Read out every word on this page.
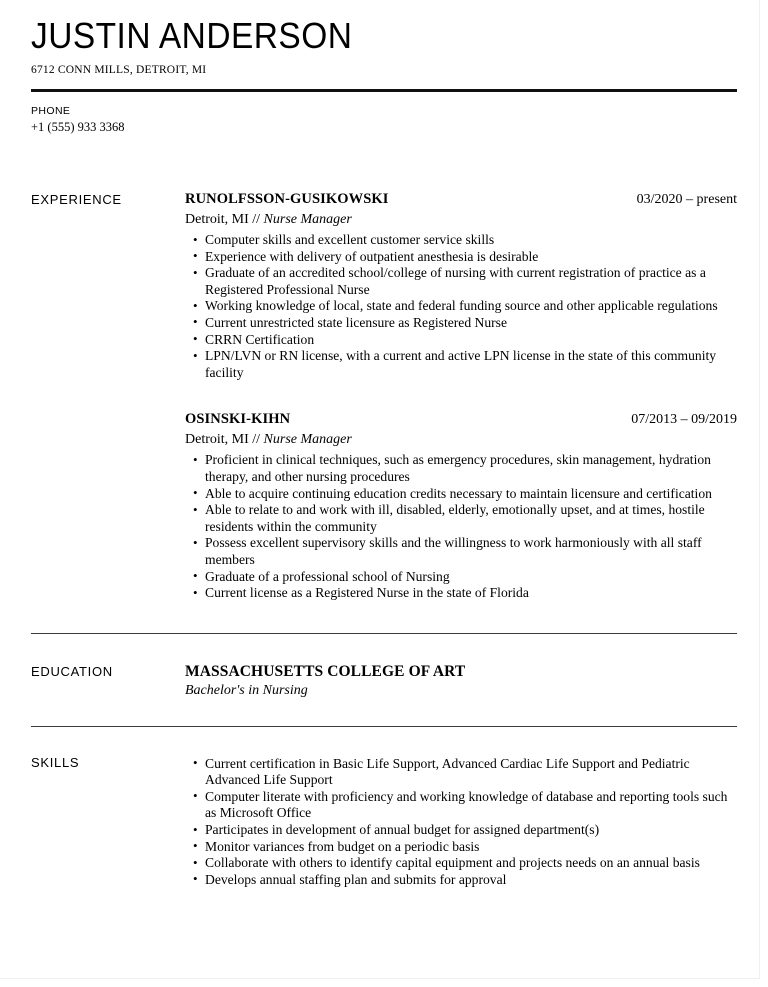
JUSTIN ANDERSON
6712 CONN MILLS, DETROIT, MI
PHONE
+1 (555) 933 3368
EXPERIENCE	RUNOLFSSON-GUSIKOWSKI	03/2020 – present
Detroit, MI // Nurse Manager
• Computer skills and excellent customer service skills
• Experience with delivery of outpatient anesthesia is desirable
• Graduate of an accredited school/college of nursing with current registration of practice as a Registered Professional Nurse
• Working knowledge of local, state and federal funding source and other applicable regulations
• Current unrestricted state licensure as Registered Nurse
• CRRN Certification
• LPN/LVN or RN license, with a current and active LPN license in the state of this community facility
OSINSKI-KIHN	07/2013 – 09/2019
Detroit, MI // Nurse Manager
• Proficient in clinical techniques, such as emergency procedures, skin management, hydration therapy, and other nursing procedures
• Able to acquire continuing education credits necessary to maintain licensure and certification
• Able to relate to and work with ill, disabled, elderly, emotionally upset, and at times, hostile residents within the community
• Possess excellent supervisory skills and the willingness to work harmoniously with all staff members
• Graduate of a professional school of Nursing
• Current license as a Registered Nurse in the state of Florida
EDUCATION	MASSACHUSETTS COLLEGE OF ART
Bachelor's in Nursing
SKILLS	• Current certification in Basic Life Support, Advanced Cardiac Life Support and Pediatric Advanced Life Support
• Computer literate with proficiency and working knowledge of database and reporting tools such as Microsoft Office
• Participates in development of annual budget for assigned department(s)
• Monitor variances from budget on a periodic basis
• Collaborate with others to identify capital equipment and projects needs on an annual basis
• Develops annual staffing plan and submits for approval
